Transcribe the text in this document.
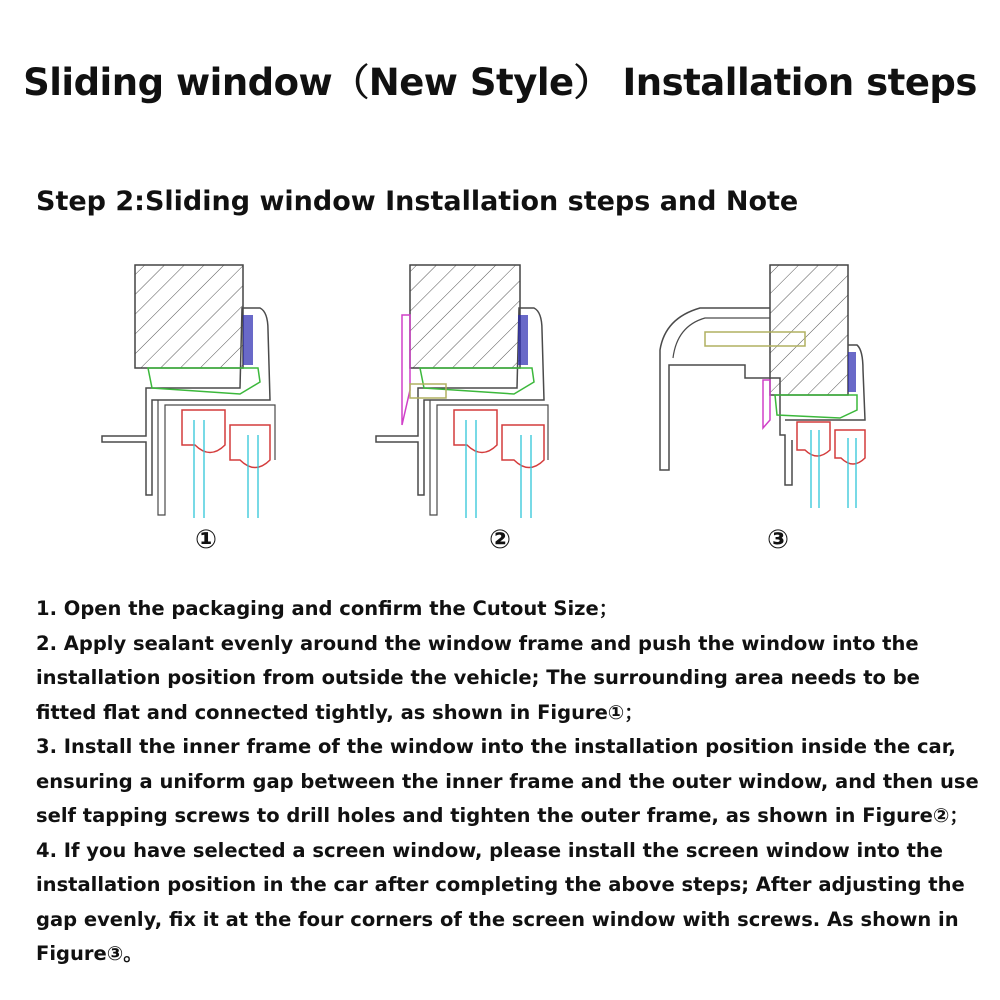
Sliding window（New Style） Installation steps
Step 2:Sliding window Installation steps and Note
①	②	③

1. Open the packaging and confirm the Cutout Size；

2. Apply sealant evenly around the window frame and push the window into the installation position from outside the vehicle; The surrounding area needs to be fitted flat and connected tightly, as shown in Figure①；

3. Install the inner frame of the window into the installation position inside the car, ensuring a uniform gap between the inner frame and the outer window, and then use self tapping screws to drill holes and tighten the outer frame, as shown in Figure②；

4. If you have selected a screen window, please install the screen window into the installation position in the car after completing the above steps; After adjusting the gap evenly, fix it at the four corners of the screen window with screws. As shown in Figure③。
